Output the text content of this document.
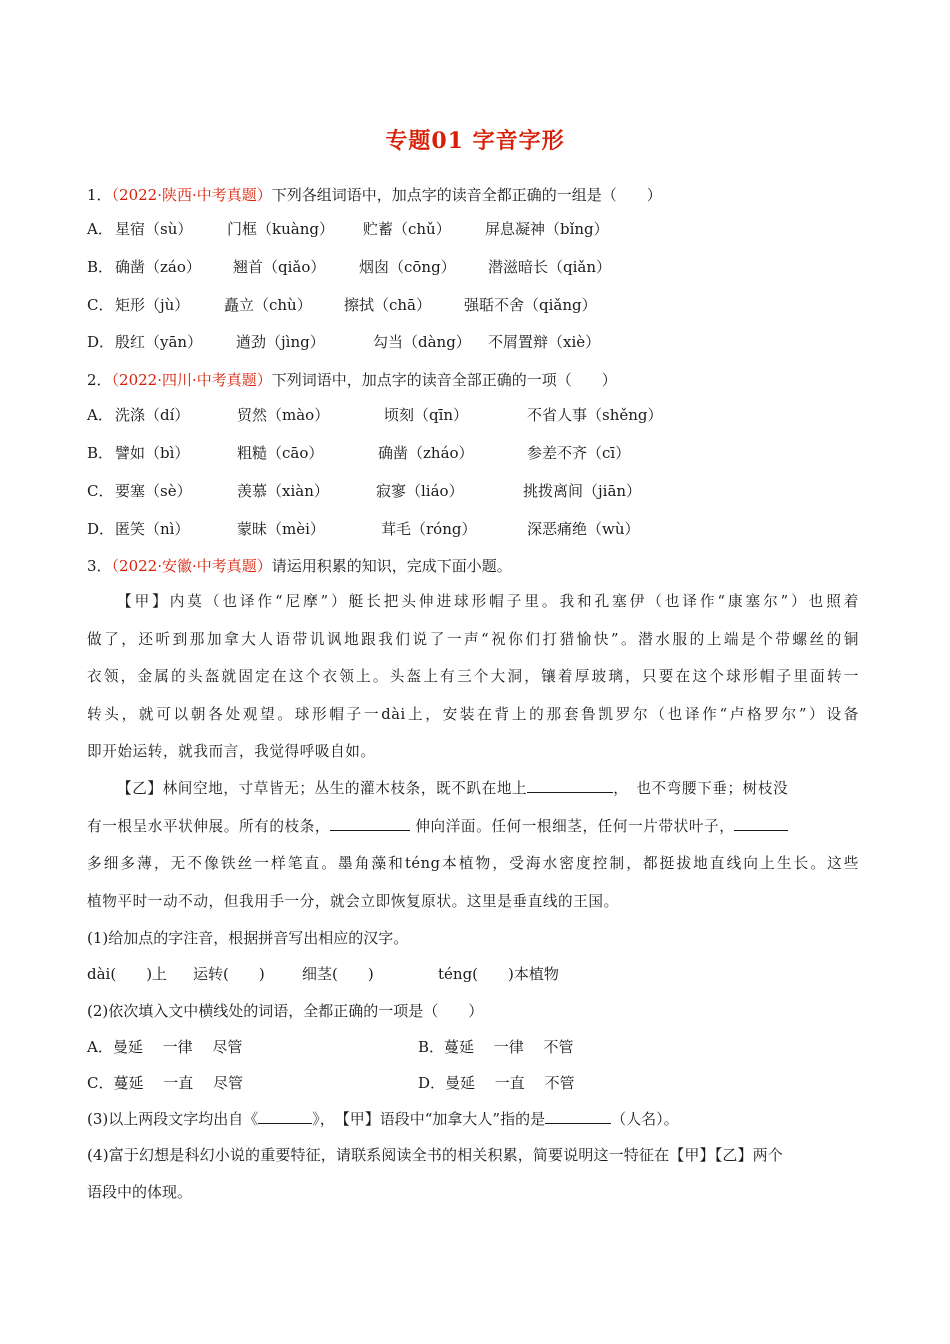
专题01 字音字形
1．（2022·陕西·中考真题）下列各组词语中，加点字的读音全都正确的一组是（　　）
A． 星宿（sù） 门框（kuàng） 贮蓄（chǔ） 屏息凝神（bǐng）
B． 确凿（záo） 翘首（qiǎo） 烟囱（cōng） 潜滋暗长（qiǎn）
C． 矩形（jù） 矗立（chù） 擦拭（chā） 强聒不舍（qiǎng）
D． 殷红（yān） 遒劲（jìng）	勾当（dàng） 不屑置辩（xiè）
2．（2022·四川·中考真题）下列词语中，加点字的读音全部正确的一项（　　）
A． 洗涤（dí）	贸然（mào）	顷刻（qīn）	不省人事（shěng）
B． 譬如（bì）	粗糙（cāo）	确凿（zháo）	参差不齐（cī）
C． 要塞（sè）	羡慕（xiàn）	寂寥（liáo）	挑拨离间（jiān）
D． 匿笑（nì）	蒙昧（mèi）	茸毛（róng）	深恶痛绝（wù）
3．（2022·安徽·中考真题）请运用积累的知识，完成下面小题。
【甲】内莫（也译作“尼摩”）艇长把头伸进球形帽子里。我和孔塞伊（也译作“康塞尔”）也照着
做了，还听到那加拿大人语带讥讽地跟我们说了一声“祝你们打猎愉快”。潜水服的上端是个带螺丝的铜
衣领，金属的头盔就固定在这个衣领上。头盔上有三个大洞，镶着厚玻璃，只要在这个球形帽子里面转一
转头，就可以朝各处观望。球形帽子一dài上，安装在背上的那套鲁凯罗尔（也译作“卢格罗尔”）设备
即开始运转，就我而言，我觉得呼吸自如。
【乙】林间空地，寸草皆无；丛生的灌木枝条，既不趴在地上	，　也不弯腰下垂；树枝没
有一根呈水平状伸展。所有的枝条，	伸向洋面。任何一根细茎，任何一片带状叶子，
多细多薄，无不像铁丝一样笔直。墨角藻和téng本植物，受海水密度控制，都挺拔地直线向上生长。这些
植物平时一动不动，但我用手一分，就会立即恢复原状。这里是垂直线的王国。
(1)给加点的字注音，根据拼音写出相应的汉字。
dài(　　)上 运转(　　) 细茎(　　)	téng(　　)本植物
(2)依次填入文中横线处的词语，全都正确的一项是（　　）
A．曼延　 一律　 尽管	B．蔓延　 一律　 不管
C．蔓延　 一直　 尽管	D．曼延　 一直　 不管
(3)以上两段文字均出自《	》，　【甲】语段中“加拿大人”指的是	（人名）。
(4)富于幻想是科幻小说的重要特征，请联系阅读全书的相关积累，简要说明这一特征在【甲】【乙】两个
语段中的体现。
